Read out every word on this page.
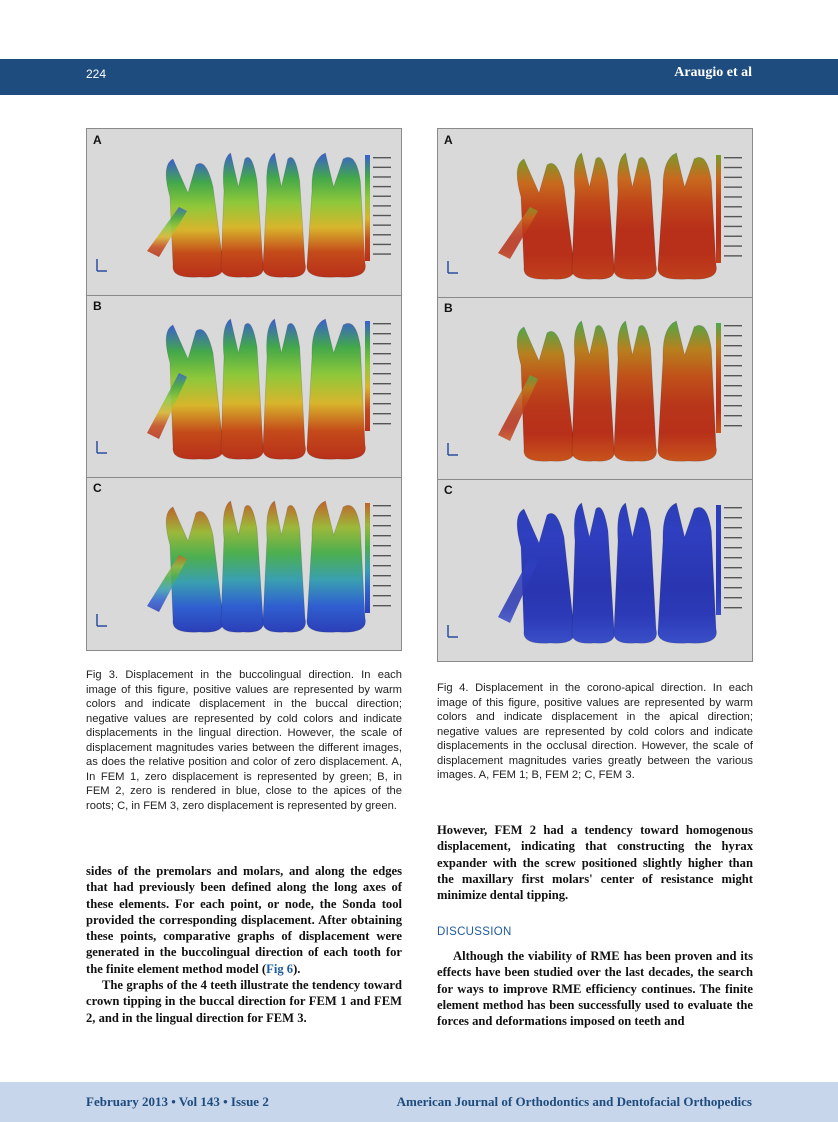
224	Araugio et al
A
B
C
A
B
C
Fig 3. Displacement in the buccolingual direction. In each image of this figure, positive values are represented by warm colors and indicate displacement in the buccal direction; negative values are represented by cold colors and indicate displacements in the lingual direction. However, the scale of displacement magnitudes varies between the different images, as does the relative position and color of zero displacement. A, In FEM 1, zero displacement is represented by green; B, in FEM 2, zero is rendered in blue, close to the apices of the roots; C, in FEM 3, zero displacement is represented by green.
Fig 4. Displacement in the corono-apical direction. In each image of this figure, positive values are represented by warm colors and indicate displacement in the apical direction; negative values are represented by cold colors and indicate displacements in the occlusal direction. However, the scale of displacement magnitudes varies greatly between the various images. A, FEM 1; B, FEM 2; C, FEM 3.

sides of the premolars and molars, and along the edges that had previously been defined along the long axes of these elements. For each point, or node, the Sonda tool provided the corresponding displacement. After obtaining these points, comparative graphs of displacement were generated in the buccolingual direction of each tooth for the finite element method model (Fig 6).

The graphs of the 4 teeth illustrate the tendency toward crown tipping in the buccal direction for FEM 1 and FEM 2, and in the lingual direction for FEM 3.

However, FEM 2 had a tendency toward homogenous displacement, indicating that constructing the hyrax expander with the screw positioned slightly higher than the maxillary first molars' center of resistance might minimize dental tipping.

DISCUSSION

Although the viability of RME has been proven and its effects have been studied over the last decades, the search for ways to improve RME efficiency continues. The finite element method has been successfully used to evaluate the forces and deformations imposed on teeth and

February 2013 • Vol 143 • Issue 2	American Journal of Orthodontics and Dentofacial Orthopedics
